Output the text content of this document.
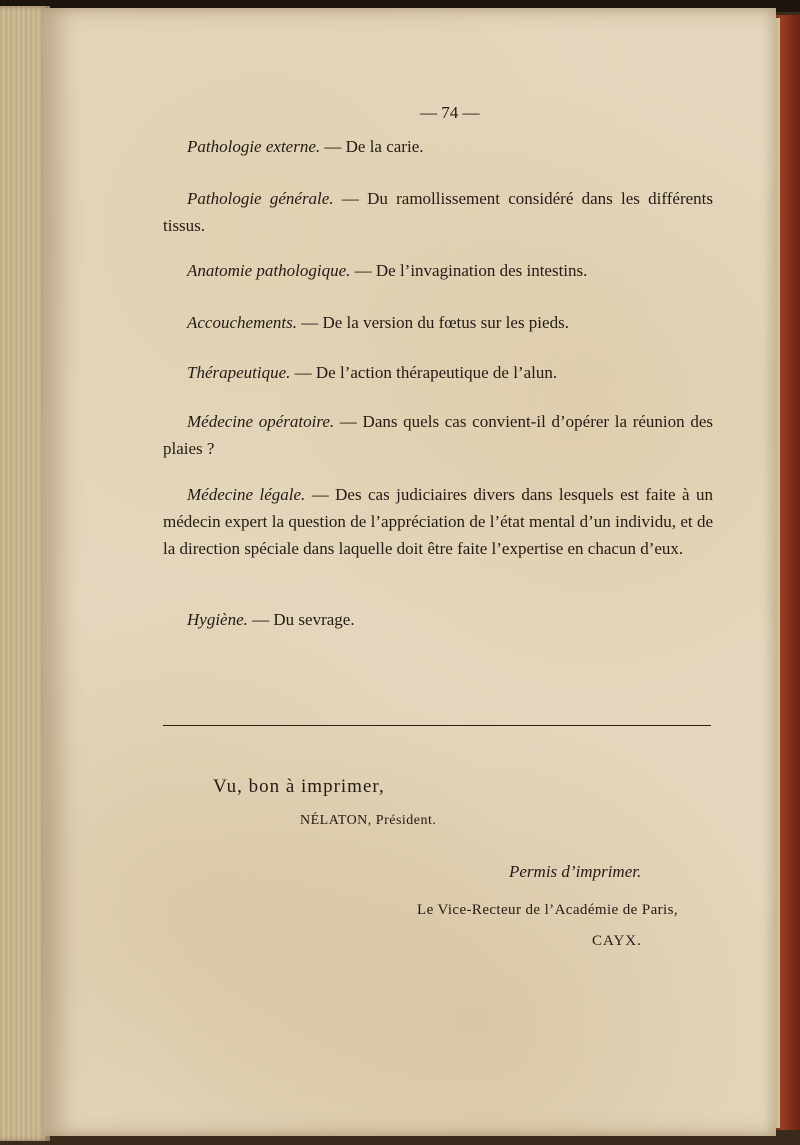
— 74 —
Pathologie externe. — De la carie.
Pathologie générale. — Du ramollissement considéré dans les différents tissus.
Anatomie pathologique. — De l’invagination des intestins.
Accouchements. — De la version du fœtus sur les pieds.
Thérapeutique. — De l’action thérapeutique de l’alun.
Médecine opératoire. — Dans quels cas convient-il d’opérer la réunion des plaies ?
Médecine légale. — Des cas judiciaires divers dans lesquels est faite à un médecin expert la question de l’appréciation de l’état mental d’un individu, et de la direction spéciale dans laquelle doit être faite l’expertise en chacun d’eux.
Hygiène. — Du sevrage.
Vu, bon à imprimer,
NÉLATON, Président.
Permis d’imprimer.
Le Vice-Recteur de l’Académie de Paris,
CAYX.
